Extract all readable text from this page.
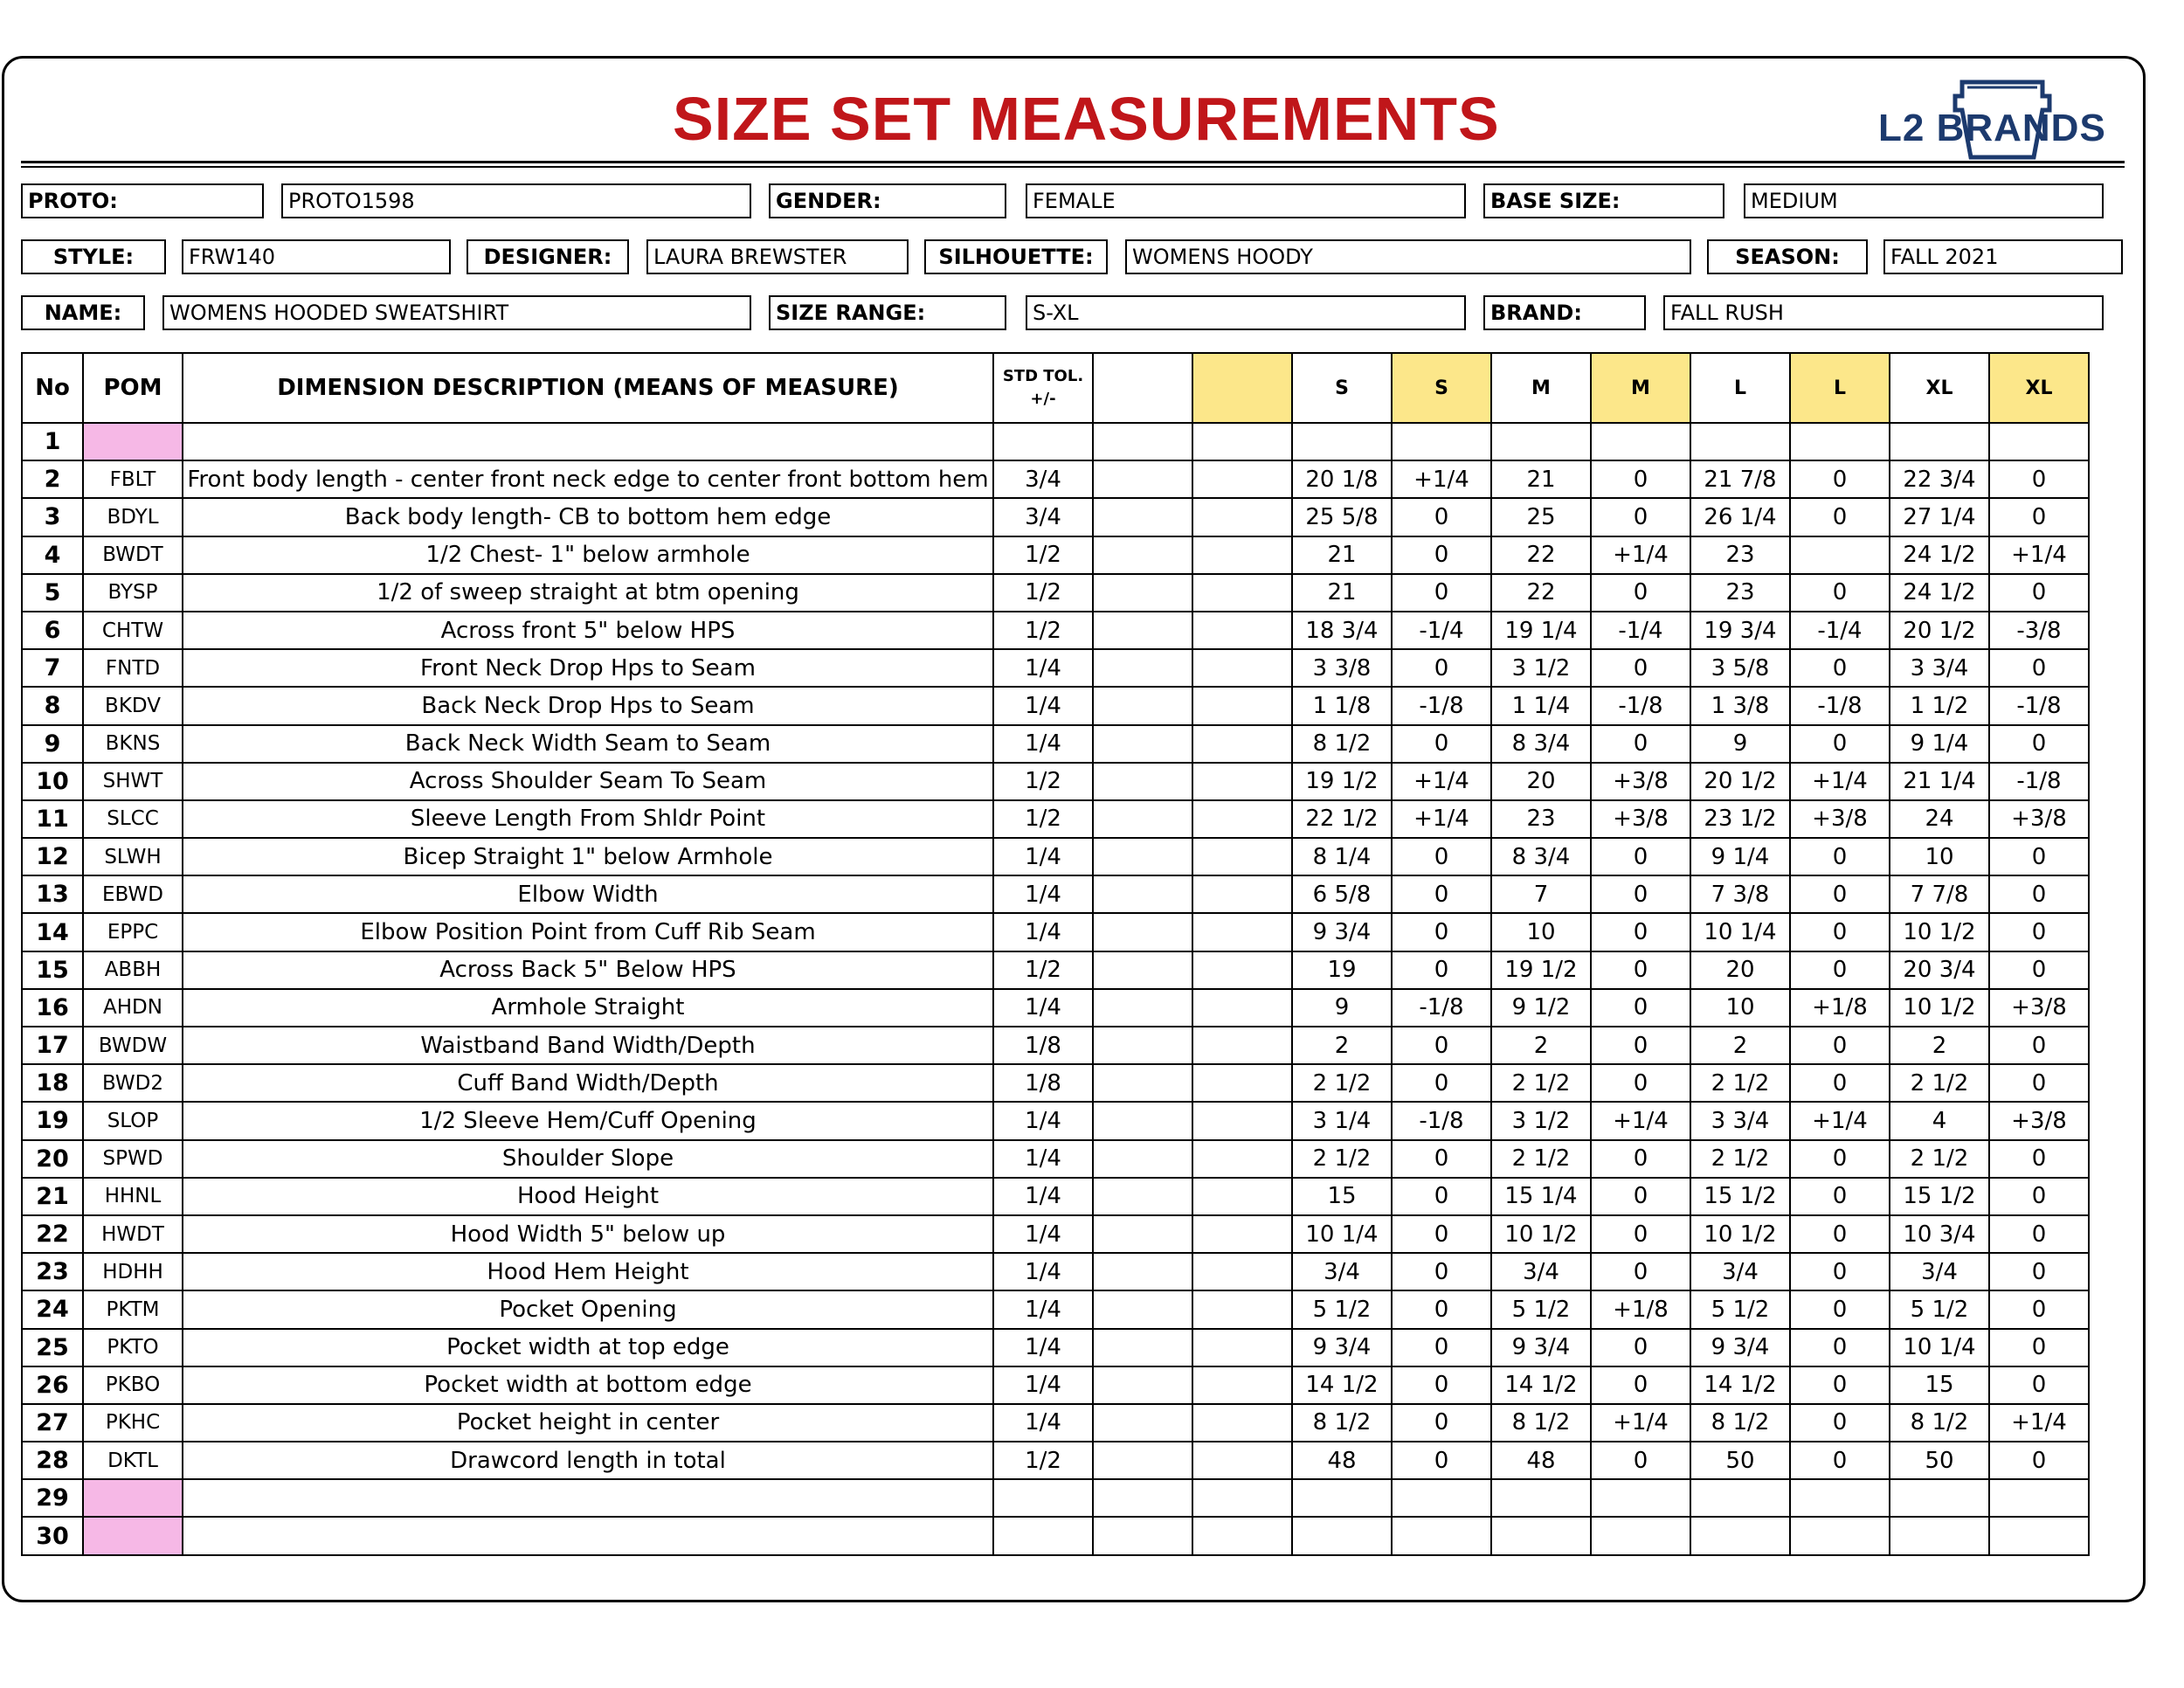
SIZE SET MEASUREMENTS	L2 BRANDS
PROTO:	PROTO1598	GENDER:	FEMALE	BASE SIZE:	MEDIUM
STYLE:	FRW140	DESIGNER:	LAURA BREWSTER	SILHOUETTE:	WOMENS HOODY	SEASON:	FALL 2021
NAME:	WOMENS HOODED SWEATSHIRT	SIZE RANGE:	S-XL	BRAND:	FALL RUSH
No	POM	DIMENSION DESCRIPTION (MEANS OF MEASURE)	STD TOL. +/-			S	S	M	M	L	L	XL	XL
1													
2	FBLT	Front body length - center front neck edge to center front bottom hem	3/4			20 1/8	+1/4	21	0	21 7/8	0	22 3/4	0
3	BDYL	Back body length- CB to bottom hem edge	3/4			25 5/8	0	25	0	26 1/4	0	27 1/4	0
4	BWDT	1/2 Chest- 1" below armhole	1/2			21	0	22	+1/4	23		24 1/2	+1/4
5	BYSP	1/2 of sweep straight at btm opening	1/2			21	0	22	0	23	0	24 1/2	0
6	CHTW	Across front 5" below HPS	1/2			18 3/4	-1/4	19 1/4	-1/4	19 3/4	-1/4	20 1/2	-3/8
7	FNTD	Front Neck Drop Hps to Seam	1/4			3 3/8	0	3 1/2	0	3 5/8	0	3 3/4	0
8	BKDV	Back Neck Drop Hps to Seam	1/4			1 1/8	-1/8	1 1/4	-1/8	1 3/8	-1/8	1 1/2	-1/8
9	BKNS	Back Neck Width Seam to Seam	1/4			8 1/2	0	8 3/4	0	9	0	9 1/4	0
10	SHWT	Across Shoulder Seam To Seam	1/2			19 1/2	+1/4	20	+3/8	20 1/2	+1/4	21 1/4	-1/8
11	SLCC	Sleeve Length From Shldr Point	1/2			22 1/2	+1/4	23	+3/8	23 1/2	+3/8	24	+3/8
12	SLWH	Bicep Straight 1" below Armhole	1/4			8 1/4	0	8 3/4	0	9 1/4	0	10	0
13	EBWD	Elbow Width	1/4			6 5/8	0	7	0	7 3/8	0	7 7/8	0
14	EPPC	Elbow Position Point from Cuff Rib Seam	1/4			9 3/4	0	10	0	10 1/4	0	10 1/2	0
15	ABBH	Across Back 5" Below HPS	1/2			19	0	19 1/2	0	20	0	20 3/4	0
16	AHDN	Armhole Straight	1/4			9	-1/8	9 1/2	0	10	+1/8	10 1/2	+3/8
17	BWDW	Waistband Band Width/Depth	1/8			2	0	2	0	2	0	2	0
18	BWD2	Cuff Band Width/Depth	1/8			2 1/2	0	2 1/2	0	2 1/2	0	2 1/2	0
19	SLOP	1/2 Sleeve Hem/Cuff Opening	1/4			3 1/4	-1/8	3 1/2	+1/4	3 3/4	+1/4	4	+3/8
20	SPWD	Shoulder Slope	1/4			2 1/2	0	2 1/2	0	2 1/2	0	2 1/2	0
21	HHNL	Hood Height	1/4			15	0	15 1/4	0	15 1/2	0	15 1/2	0
22	HWDT	Hood Width 5" below up	1/4			10 1/4	0	10 1/2	0	10 1/2	0	10 3/4	0
23	HDHH	Hood Hem Height	1/4			3/4	0	3/4	0	3/4	0	3/4	0
24	PKTM	Pocket Opening	1/4			5 1/2	0	5 1/2	+1/8	5 1/2	0	5 1/2	0
25	PKTO	Pocket width at top edge	1/4			9 3/4	0	9 3/4	0	9 3/4	0	10 1/4	0
26	PKBO	Pocket width at bottom edge	1/4			14 1/2	0	14 1/2	0	14 1/2	0	15	0
27	PKHC	Pocket height in center	1/4			8 1/2	0	8 1/2	+1/4	8 1/2	0	8 1/2	+1/4
28	DKTL	Drawcord length in total	1/2			48	0	48	0	50	0	50	0
29													
30													
